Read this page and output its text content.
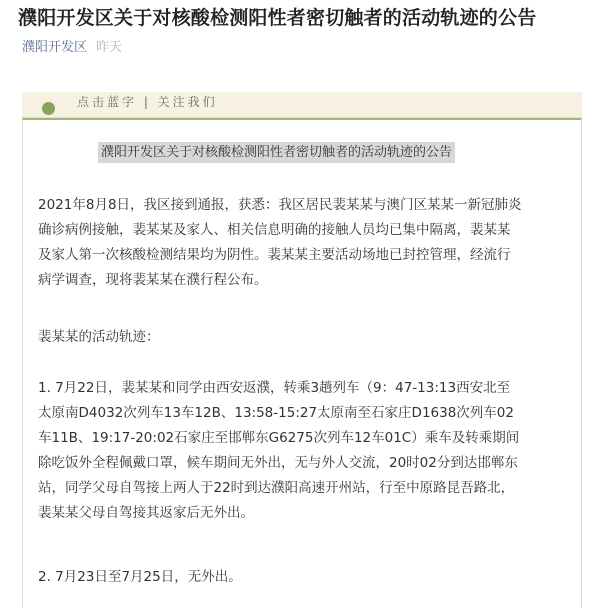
濮阳开发区关于对核酸检测阳性者密切触者的活动轨迹的公告
濮阳开发区 昨天
点击蓝字 | 关注我们
濮阳开发区关于对核酸检测阳性者密切触者的活动轨迹的公告

2021年8月8日，我区接到通报，获悉：我区居民裴某某与澳门区某某一新冠肺炎
确诊病例接触，裴某某及家人、相关信息明确的接触人员均已集中隔离，裴某某
及家人第一次核酸检测结果均为阴性。裴某某主要活动场地已封控管理，经流行
病学调查，现将裴某某在濮行程公布。

裴某某的活动轨迹：

1. 7月22日，裴某某和同学由西安返濮，转乘3趟列车（9：47-13:13西安北至
太原南D4032次列车13车12B、13:58-15:27太原南至石家庄D1638次列车02
车11B、19:17-20:02石家庄至邯郸东G6275次列车12车01C）乘车及转乘期间
除吃饭外全程佩戴口罩，候车期间无外出，无与外人交流，20时02分到达邯郸东
站，同学父母自驾接上两人于22时到达濮阳高速开州站，行至中原路昆吾路北，
裴某某父母自驾接其返家后无外出。

2. 7月23日至7月25日，无外出。
